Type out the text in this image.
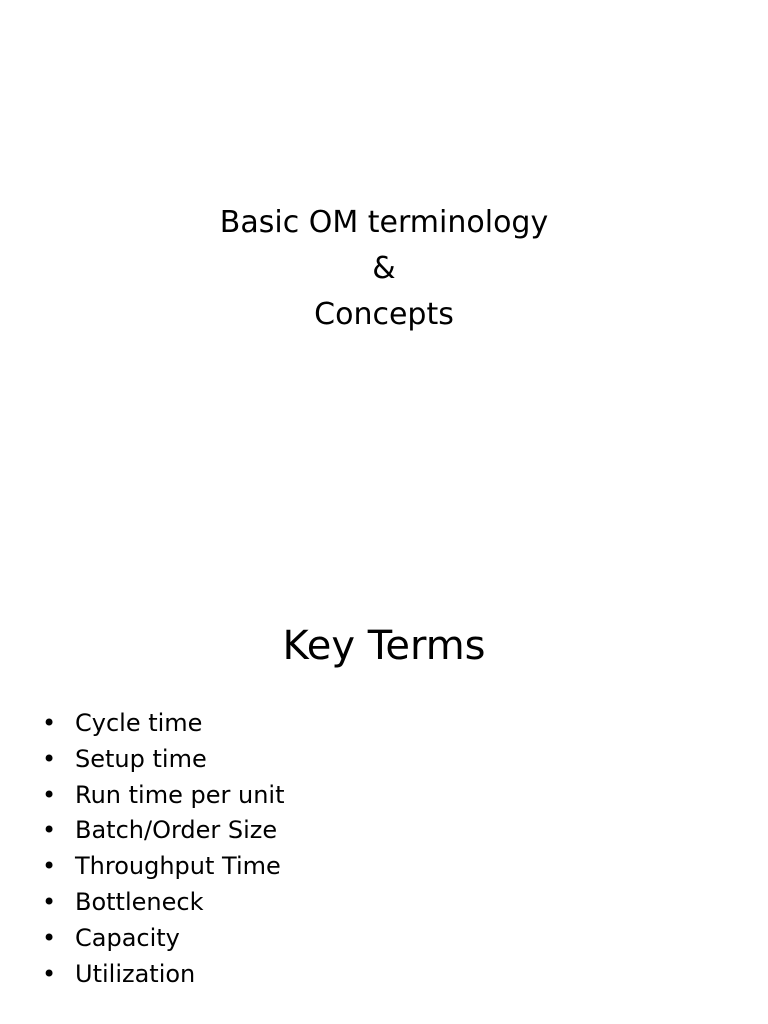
Basic OM terminology
&
Concepts
Key Terms
• Cycle time
• Setup time
• Run time per unit
• Batch/Order Size
• Throughput Time
• Bottleneck
• Capacity
• Utilization
